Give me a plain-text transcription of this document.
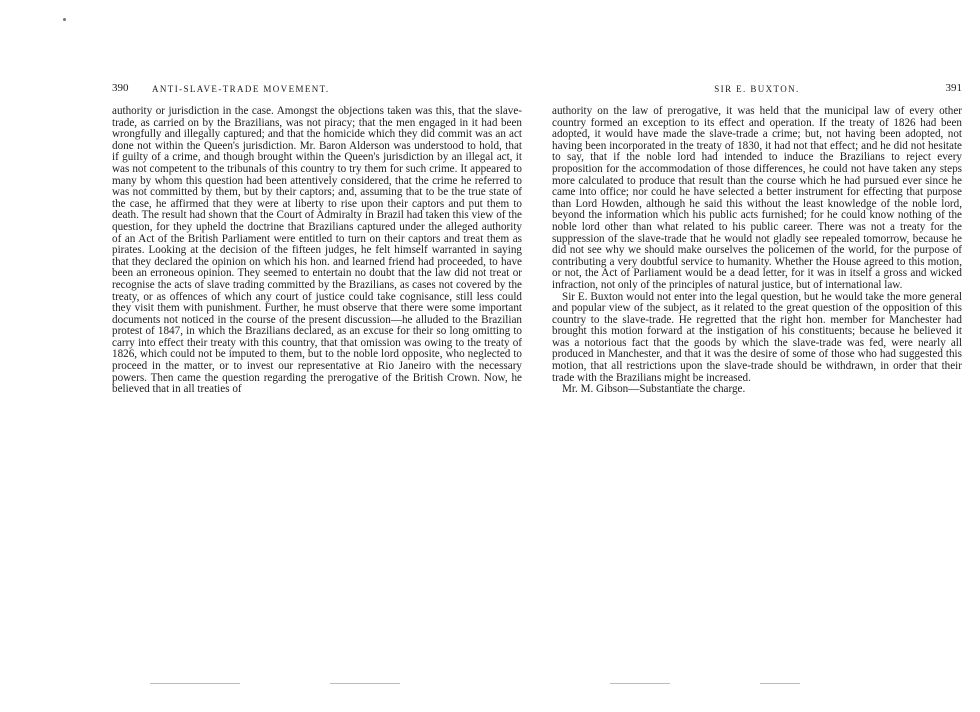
390	ANTI-SLAVE-TRADE MOVEMENT.

authority or jurisdiction in the case. Amongst the objections taken was this, that the slave-trade, as carried on by the Brazilians, was not piracy; that the men engaged in it had been wrongfully and illegally captured; and that the homicide which they did commit was an act done not within the Queen's jurisdiction. Mr. Baron Alderson was understood to hold, that if guilty of a crime, and though brought within the Queen's jurisdiction by an illegal act, it was not competent to the tribunals of this country to try them for such crime. It appeared to many by whom this question had been attentively considered, that the crime he referred to was not committed by them, but by their captors; and, assuming that to be the true state of the case, he affirmed that they were at liberty to rise upon their captors and put them to death. The result had shown that the Court of Admiralty in Brazil had taken this view of the question, for they upheld the doctrine that Brazilians captured under the alleged authority of an Act of the British Parliament were entitled to turn on their captors and treat them as pirates. Looking at the decision of the fifteen judges, he felt himself warranted in saying that they declared the opinion on which his hon. and learned friend had proceeded, to have been an erroneous opinion. They seemed to entertain no doubt that the law did not treat or recognise the acts of slave trading committed by the Brazilians, as cases not covered by the treaty, or as offences of which any court of justice could take cognisance, still less could they visit them with punishment. Further, he must observe that there were some important documents not noticed in the course of the present discussion—he alluded to the Brazilian protest of 1847, in which the Brazilians declared, as an excuse for their so long omitting to carry into effect their treaty with this country, that that omission was owing to the treaty of 1826, which could not be imputed to them, but to the noble lord opposite, who neglected to proceed in the matter, or to invest our representative at Rio Janeiro with the necessary powers. Then came the question regarding the prerogative of the British Crown. Now, he believed that in all treaties of

SIR E. BUXTON.	391

authority on the law of prerogative, it was held that the municipal law of every other country formed an exception to its effect and operation. If the treaty of 1826 had been adopted, it would have made the slave-trade a crime; but, not having been adopted, not having been incorporated in the treaty of 1830, it had not that effect; and he did not hesitate to say, that if the noble lord had intended to induce the Brazilians to reject every proposition for the accommodation of those differences, he could not have taken any steps more calculated to produce that result than the course which he had pursued ever since he came into office; nor could he have selected a better instrument for effecting that purpose than Lord Howden, although he said this without the least knowledge of the noble lord, beyond the information which his public acts furnished; for he could know nothing of the noble lord other than what related to his public career. There was not a treaty for the suppression of the slave-trade that he would not gladly see repealed tomorrow, because he did not see why we should make ourselves the policemen of the world, for the purpose of contributing a very doubtful service to humanity. Whether the House agreed to this motion, or not, the Act of Parliament would be a dead letter, for it was in itself a gross and wicked infraction, not only of the principles of natural justice, but of international law.

Sir E. Buxton would not enter into the legal question, but he would take the more general and popular view of the subject, as it related to the great question of the opposition of this country to the slave-trade. He regretted that the right hon. member for Manchester had brought this motion forward at the instigation of his constituents; because he believed it was a notorious fact that the goods by which the slave-trade was fed, were nearly all produced in Manchester, and that it was the desire of some of those who had suggested this motion, that all restrictions upon the slave-trade should be withdrawn, in order that their trade with the Brazilians might be increased.

Mr. M. Gibson—Substantiate the charge.
